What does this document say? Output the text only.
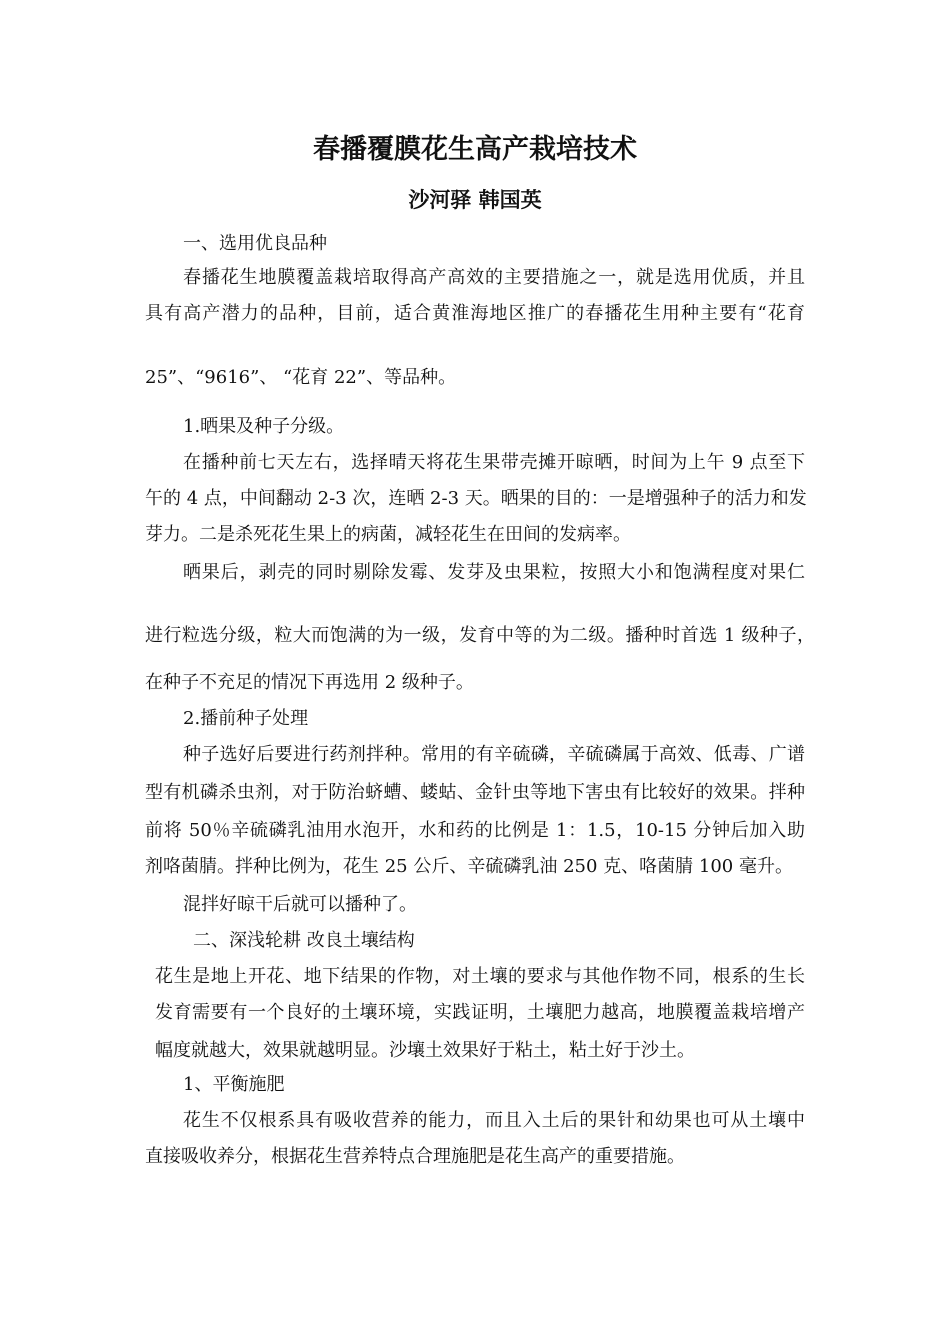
春播覆膜花生高产栽培技术
沙河驿 韩国英
一、选用优良品种
春播花生地膜覆盖栽培取得高产高效的主要措施之一，就是选用优质，并且
具有高产潜力的品种，目前，适合黄淮海地区推广的春播花生用种主要有“花育
25”、“9616”、 “花育 22”、等品种。
1.晒果及种子分级。
在播种前七天左右，选择晴天将花生果带壳摊开晾晒，时间为上午 9 点至下
午的 4 点，中间翻动 2-3 次，连晒 2-3 天。晒果的目的：一是增强种子的活力和发
芽力。二是杀死花生果上的病菌，减轻花生在田间的发病率。
晒果后，剥壳的同时剔除发霉、发芽及虫果粒，按照大小和饱满程度对果仁
进行粒选分级，粒大而饱满的为一级，发育中等的为二级。播种时首选 1 级种子，
在种子不充足的情况下再选用 2 级种子。
2.播前种子处理
种子选好后要进行药剂拌种。常用的有辛硫磷，辛硫磷属于高效、低毒、广谱
型有机磷杀虫剂，对于防治蛴螬、蝼蛄、金针虫等地下害虫有比较好的效果。拌种
前将 50％辛硫磷乳油用水泡开，水和药的比例是 1：1.5，10-15 分钟后加入助
剂咯菌腈。拌种比例为，花生 25 公斤、辛硫磷乳油 250 克、咯菌腈 100 毫升。
混拌好晾干后就可以播种了。
二、深浅轮耕 改良土壤结构
花生是地上开花、地下结果的作物，对土壤的要求与其他作物不同，根系的生长
发育需要有一个良好的土壤环境，实践证明，土壤肥力越高，地膜覆盖栽培增产
幅度就越大，效果就越明显。沙壤土效果好于粘土，粘土好于沙土。
1、平衡施肥
花生不仅根系具有吸收营养的能力，而且入土后的果针和幼果也可从土壤中
直接吸收养分，根据花生营养特点合理施肥是花生高产的重要措施。
